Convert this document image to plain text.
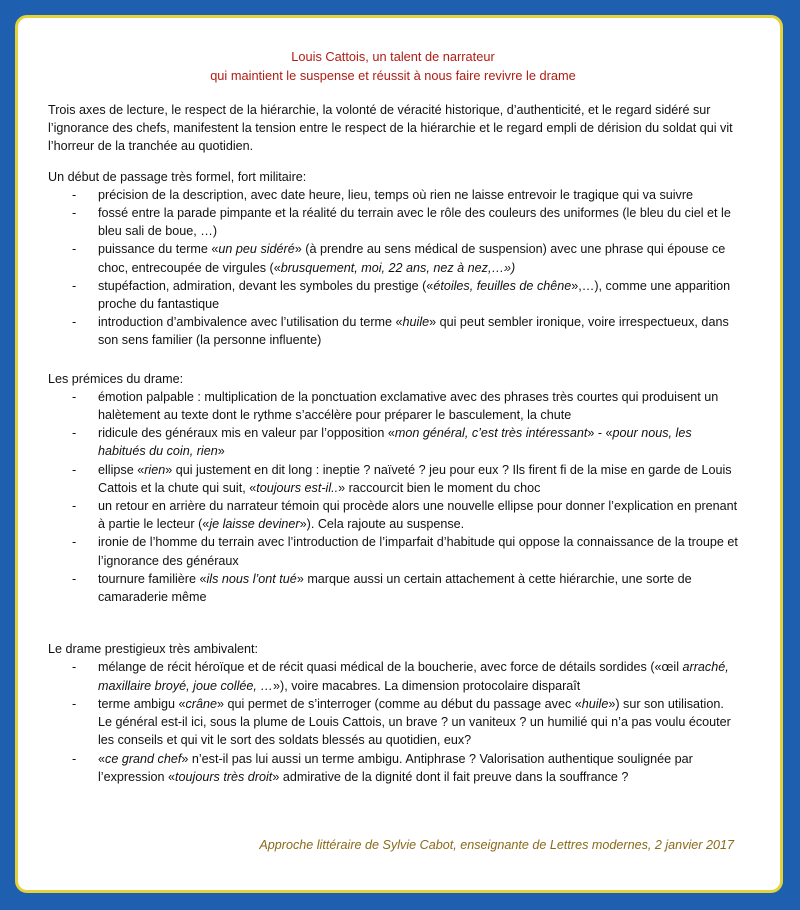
Louis Cattois, un talent de narrateur
qui maintient le suspense et réussit à nous faire revivre le drame

Trois axes de lecture, le respect de la hiérarchie, la volonté de véracité historique, d’authenticité, et le regard sidéré sur l’ignorance des chefs, manifestent la tension entre le respect de la hiérarchie et le regard empli de dérision du soldat qui vit l’horreur de la tranchée au quotidien.

Un début de passage très formel, fort militaire:
- précision de la description, avec date heure, lieu, temps où rien ne laisse entrevoir le tragique qui va suivre
- fossé entre la parade pimpante et la réalité du terrain avec le rôle des couleurs des uniformes (le bleu du ciel et le bleu sali de boue, …)
- puissance du terme «un peu sidéré» (à prendre au sens médical de suspension) avec une phrase qui épouse ce choc, entrecoupée de virgules («brusquement, moi, 22 ans, nez à nez,…»)
- stupéfaction, admiration, devant les symboles du prestige («étoiles, feuilles de chêne»,…), comme une apparition proche du fantastique
- introduction d’ambivalence avec l’utilisation du terme «huile» qui peut sembler ironique, voire irrespectueux, dans son sens familier (la personne influente)
Les prémices du drame:
- émotion palpable : multiplication de la ponctuation exclamative avec des phrases très courtes qui produisent un halètement au texte dont le rythme s’accélère pour préparer le basculement, la chute
- ridicule des généraux mis en valeur par l’opposition «mon général, c’est très intéressant» - «pour nous, les habitués du coin, rien»
- ellipse «rien» qui justement en dit long : ineptie ? naïveté ? jeu pour eux ? Ils firent fi de la mise en garde de Louis Cattois et la chute qui suit, «toujours est-il..» raccourcit bien le moment du choc
- un retour en arrière du narrateur témoin qui procède alors une nouvelle ellipse pour donner l’explication en prenant à partie le lecteur («je laisse deviner»). Cela rajoute au suspense.
- ironie de l’homme du terrain avec l’introduction de l’imparfait d’habitude qui oppose la connaissance de la troupe et l’ignorance des généraux
- tournure familière «ils nous l’ont tué» marque aussi un certain attachement à cette hiérarchie, une sorte de camaraderie même
Le drame prestigieux très ambivalent:
- mélange de récit héroïque et de récit quasi médical de la boucherie, avec force de détails sordides («œil arraché, maxillaire broyé, joue collée, …»), voire macabres. La dimension protocolaire disparaît
- terme ambigu «crâne» qui permet de s’interroger (comme au début du passage avec «huile») sur son utilisation. Le général est-il ici, sous la plume de Louis Cattois, un brave ? un vaniteux ? un humilié qui n’a pas voulu écouter les conseils et qui vit le sort des soldats blessés au quotidien, eux?
- «ce grand chef» n’est-il pas lui aussi un terme ambigu. Antiphrase ? Valorisation authentique soulignée par l’expression «toujours très droit» admirative de la dignité dont il fait preuve dans la souffrance ?
Approche littéraire de Sylvie Cabot, enseignante de Lettres modernes, 2 janvier 2017
